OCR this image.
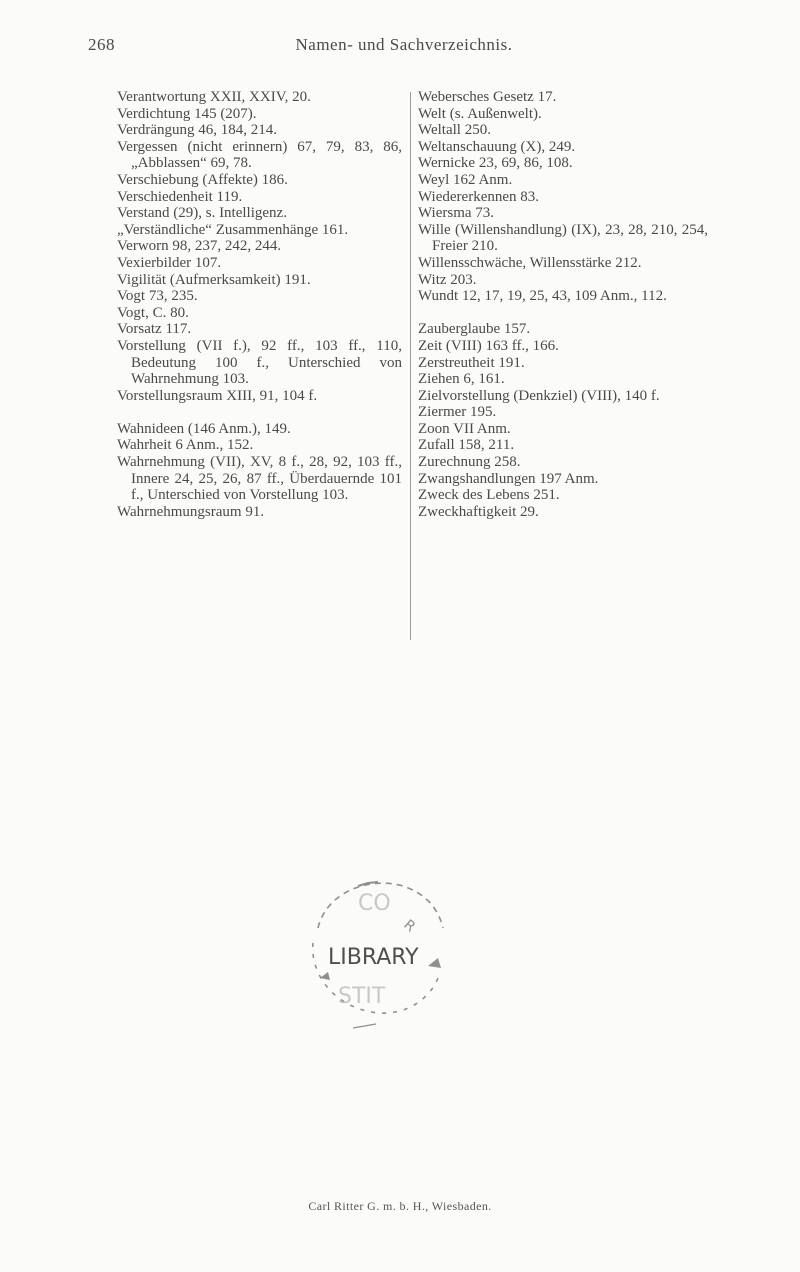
268	Namen- und Sachverzeichnis.

Verantwortung XXII, XXIV, 20.

Verdichtung 145 (207).

Verdrängung 46, 184, 214.

Vergessen (nicht erinnern) 67, 79, 83, 86, „Abblassen“ 69, 78.

Verschiebung (Affekte) 186.

Verschiedenheit 119.

Verstand (29), s. Intelligenz.

„Verständliche“ Zusammenhänge 161.

Verworn 98, 237, 242, 244.

Vexierbilder 107.

Vigilität (Aufmerksamkeit) 191.

Vogt 73, 235.

Vogt, C. 80.

Vorsatz 117.

Vorstellung (VII f.), 92 ff., 103 ff., 110, Bedeutung 100 f., Unterschied von Wahrnehmung 103.

Vorstellungsraum XIII, 91, 104 f.

Wahnideen (146 Anm.), 149.

Wahrheit 6 Anm., 152.

Wahrnehmung (VII), XV, 8 f., 28, 92, 103 ff., Innere 24, 25, 26, 87 ff., Überdauernde 101 f., Unterschied von Vorstellung 103.

Wahrnehmungsraum 91.

Webersches Gesetz 17.

Welt (s. Außenwelt).

Weltall 250.

Weltanschauung (X), 249.

Wernicke 23, 69, 86, 108.

Weyl 162 Anm.

Wiedererkennen 83.

Wiersma 73.

Wille (Willenshandlung) (IX), 23, 28, 210, 254, Freier 210.

Willensschwäche, Willensstärke 212.

Witz 203.

Wundt 12, 17, 19, 25, 43, 109 Anm., 112.

Zauberglaube 157.

Zeit (VIII) 163 ff., 166.

Zerstreutheit 191.

Ziehen 6, 161.

Zielvorstellung (Denkziel) (VIII), 140 f.

Ziermer 195.

Zoon VII Anm.

Zufall 158, 211.

Zurechnung 258.

Zwangshandlungen 197 Anm.

Zweck des Lebens 251.

Zweckhaftigkeit 29.

CO
R
STIT
LIBRARY
Carl Ritter G. m. b. H., Wiesbaden.
